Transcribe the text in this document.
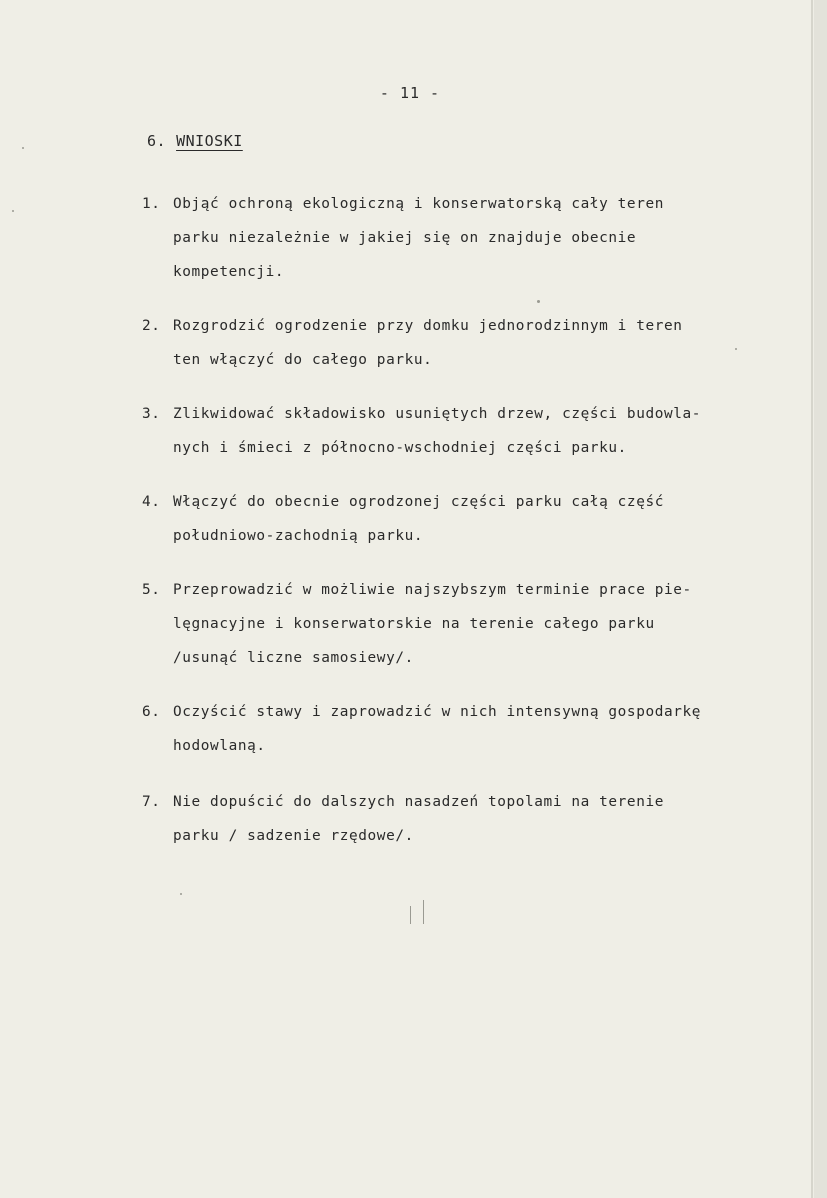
- 11 -
6. WNIOSKI
1. Objąć ochroną ekologiczną i konserwatorską cały teren
parku niezależnie w jakiej się on znajduje obecnie
kompetencji.
2. Rozgrodzić ogrodzenie przy domku jednorodzinnym i teren
ten włączyć do całego parku.
3. Zlikwidować składowisko usuniętych drzew, części budowla-
nych i śmieci z północno-wschodniej części parku.
4. Włączyć do obecnie ogrodzonej części parku całą część
południowo-zachodnią parku.
5. Przeprowadzić w możliwie najszybszym terminie prace pie-
lęgnacyjne i konserwatorskie na terenie całego parku
/usunąć liczne samosiewy/.
6. Oczyścić stawy i zaprowadzić w nich intensywną gospodarkę
hodowlaną.
7. Nie dopuścić do dalszych nasadzeń topolami na terenie
parku / sadzenie rzędowe/.
